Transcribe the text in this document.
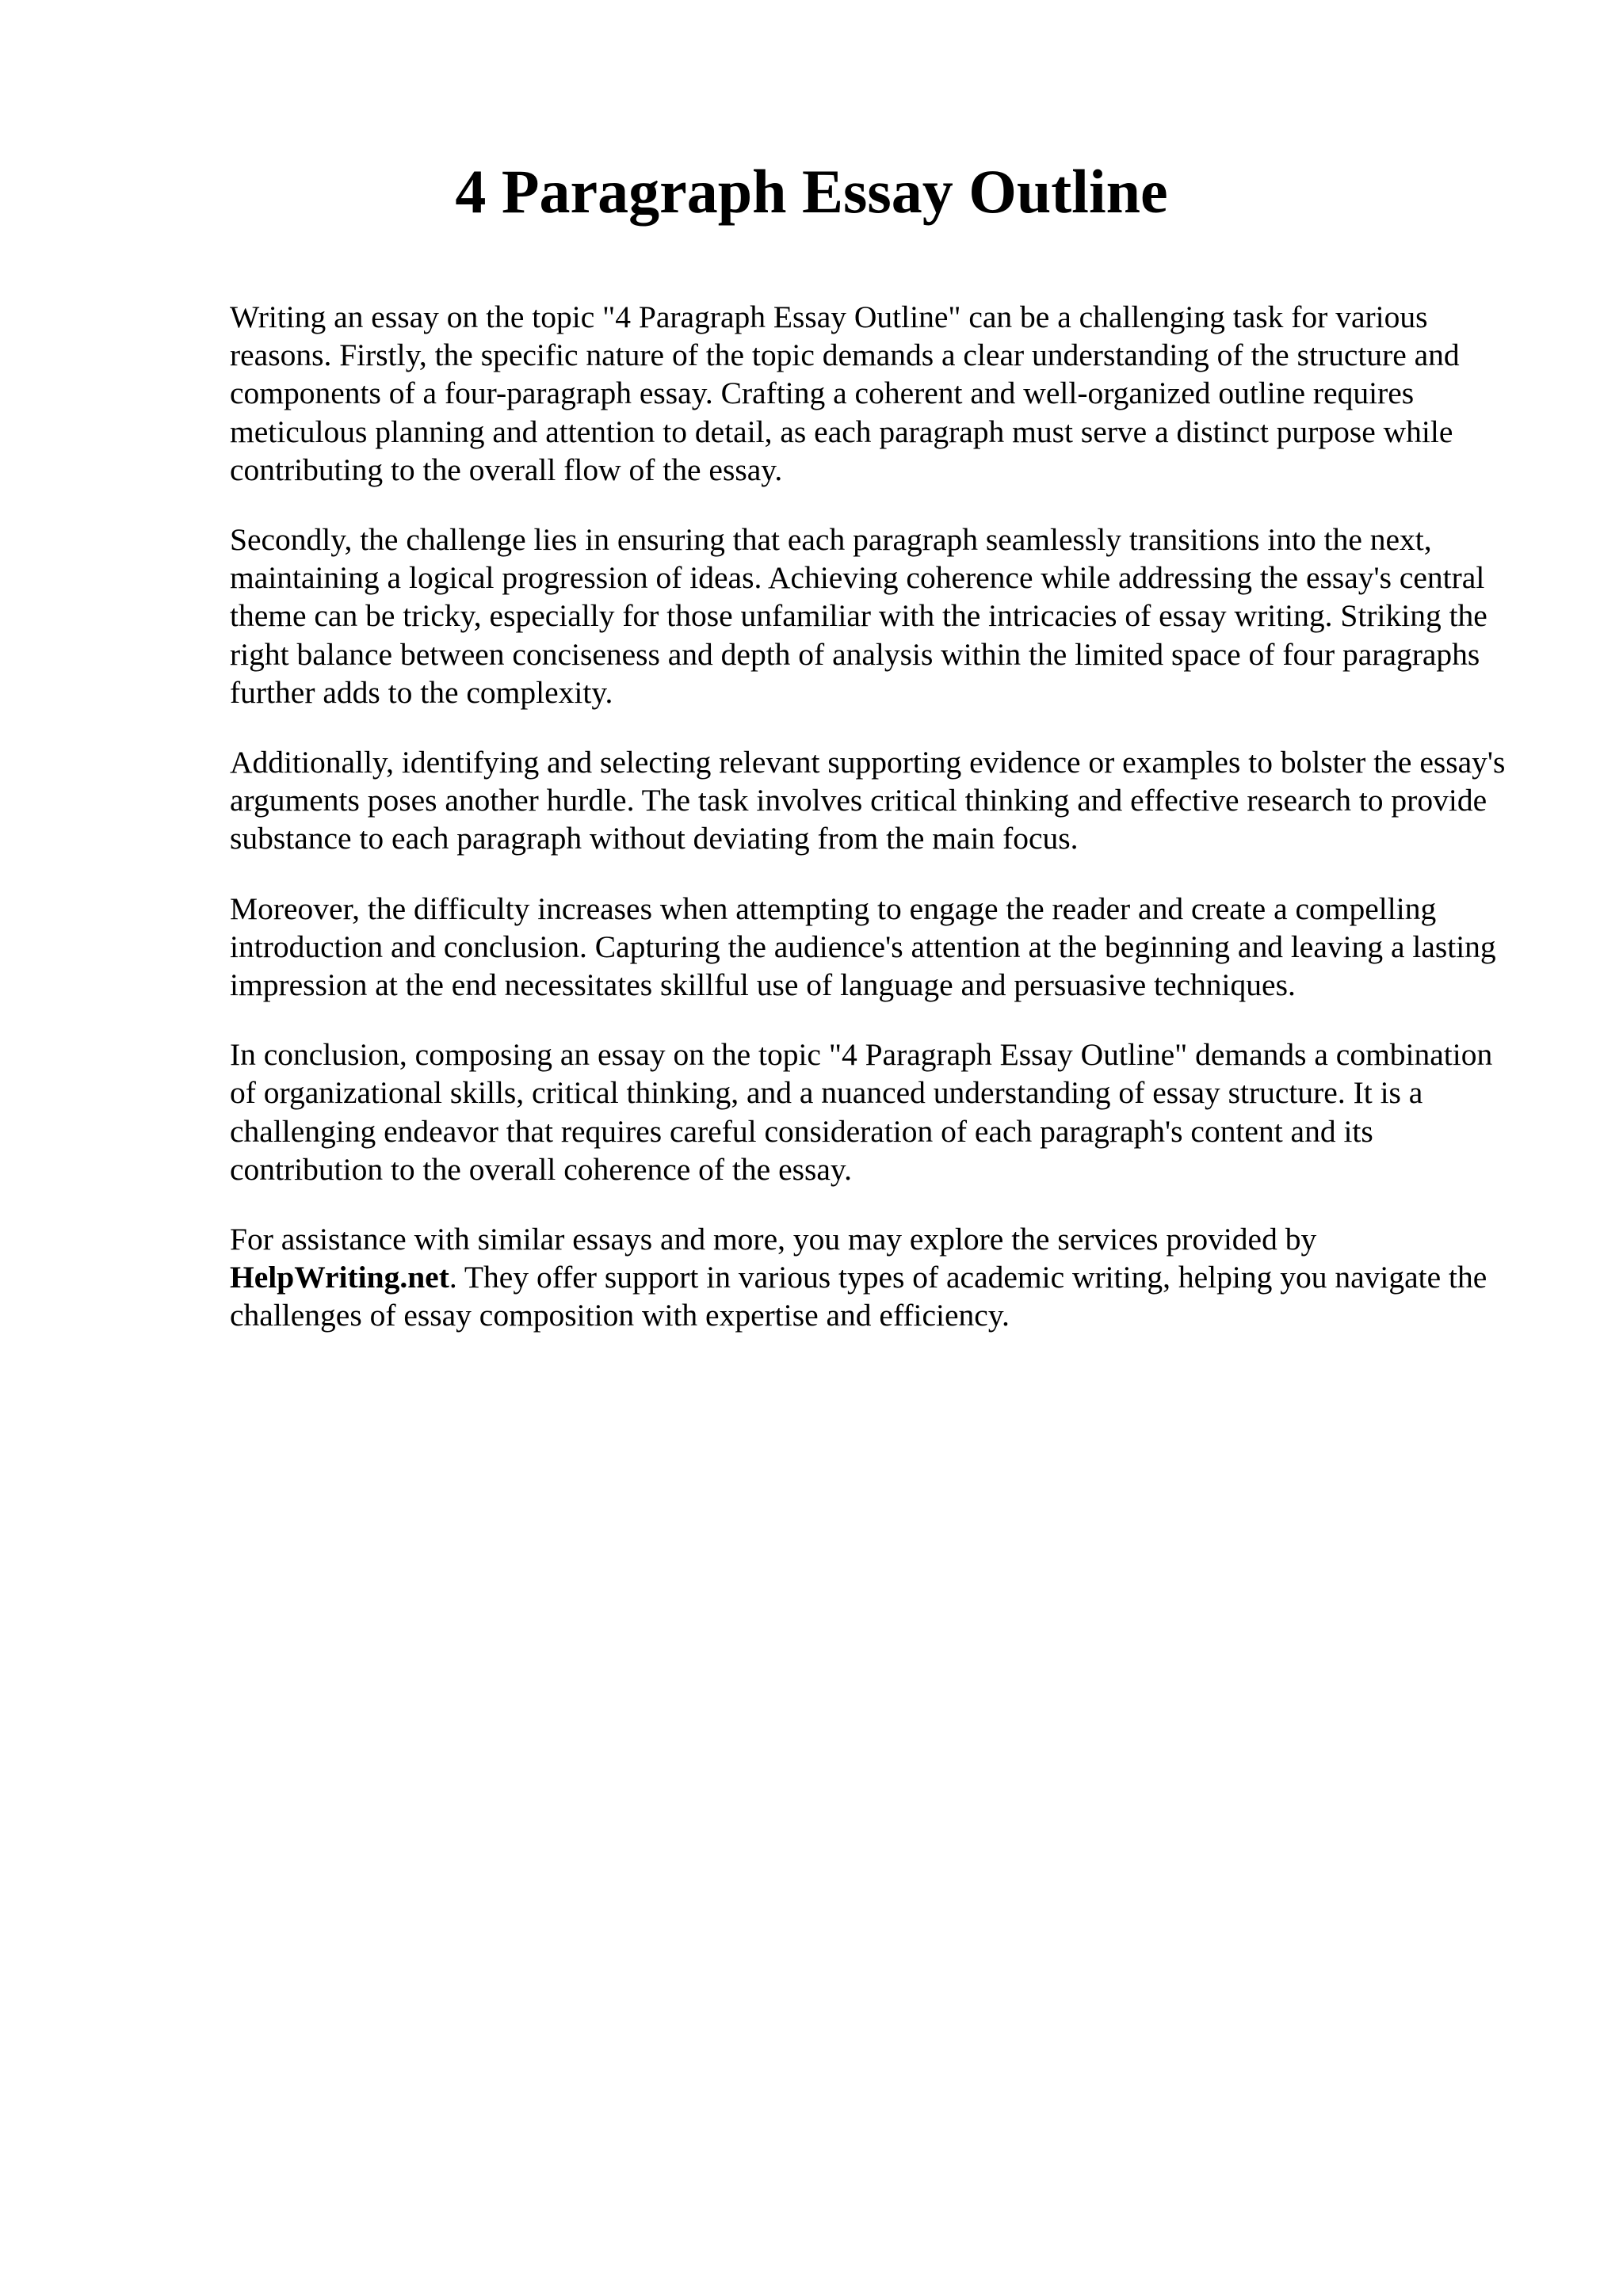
4 Paragraph Essay Outline

Writing an essay on the topic "4 Paragraph Essay Outline" can be a challenging task for various reasons. Firstly, the specific nature of the topic demands a clear understanding of the structure and components of a four-paragraph essay. Crafting a coherent and well-organized outline requires meticulous planning and attention to detail, as each paragraph must serve a distinct purpose while contributing to the overall flow of the essay.

Secondly, the challenge lies in ensuring that each paragraph seamlessly transitions into the next, maintaining a logical progression of ideas. Achieving coherence while addressing the essay's central theme can be tricky, especially for those unfamiliar with the intricacies of essay writing. Striking the right balance between conciseness and depth of analysis within the limited space of four paragraphs further adds to the complexity.

Additionally, identifying and selecting relevant supporting evidence or examples to bolster the essay's arguments poses another hurdle. The task involves critical thinking and effective research to provide substance to each paragraph without deviating from the main focus.

Moreover, the difficulty increases when attempting to engage the reader and create a compelling introduction and conclusion. Capturing the audience's attention at the beginning and leaving a lasting impression at the end necessitates skillful use of language and persuasive techniques.

In conclusion, composing an essay on the topic "4 Paragraph Essay Outline" demands a combination of organizational skills, critical thinking, and a nuanced understanding of essay structure. It is a challenging endeavor that requires careful consideration of each paragraph's content and its contribution to the overall coherence of the essay.

For assistance with similar essays and more, you may explore the services provided by HelpWriting.net. They offer support in various types of academic writing, helping you navigate the challenges of essay composition with expertise and efficiency.
